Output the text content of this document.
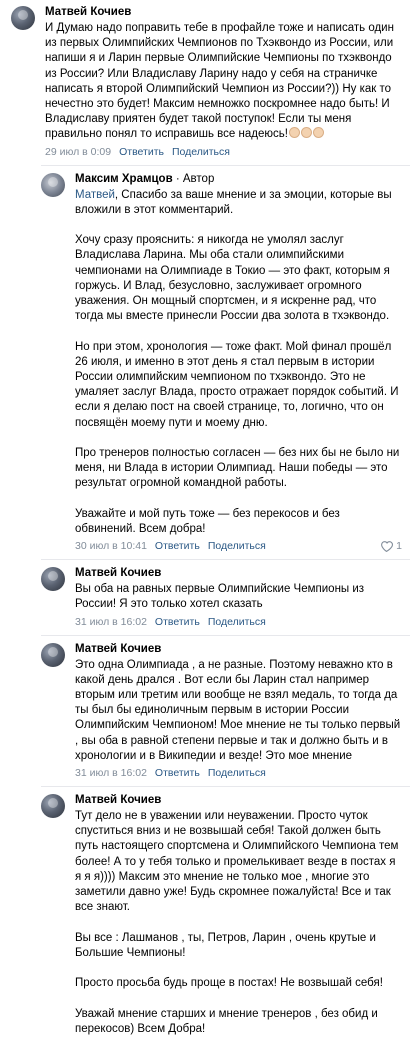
Матвей Кочиев

И Думаю надо поправить тебе в профайле тоже и написать один из первых Олимпийских Чемпионов по Тхэквондо из России, или напиши я и Ларин первые Олимпийские Чемпионы по тхэквондо из России? Или Владиславу Ларину надо у себя на страничке написать я второй Олимпийский Чемпион из России?)) Ну как то нечестно это будет! Максим немножко поскромнее надо быть! И Владиславу приятен будет такой поступок! Если ты меня правильно понял то исправишь все надеюсь!

29 июл в 0:09 Ответить Поделиться
Максим Храмцов · Автор

Матвей, Спасибо за ваше мнение и за эмоции, которые вы вложили в этот комментарий.

Хочу сразу прояснить: я никогда не умолял заслуг Владислава Ларина. Мы оба стали олимпийскими чемпионами на Олимпиаде в Токио — это факт, которым я горжусь. И Влад, безусловно, заслуживает огромного уважения. Он мощный спортсмен, и я искренне рад, что тогда мы вместе принесли России два золота в тхэквондо.

Но при этом, хронология — тоже факт. Мой финал прошёл 26 июля, и именно в этот день я стал первым в истории России олимпийским чемпионом по тхэквондо. Это не умаляет заслуг Влада, просто отражает порядок событий. И если я делаю пост на своей странице, то, логично, что он посвящён моему пути и моему дню.

Про тренеров полностью согласен — без них бы не было ни меня, ни Влада в истории Олимпиад. Наши победы — это результат огромной командной работы.

Уважайте и мой путь тоже — без перекосов и без обвинений. Всем добра!

30 июл в 10:41 Ответить Поделиться	1
Матвей Кочиев

Вы оба на равных первые Олимпийские Чемпионы из России! Я это только хотел сказать

31 июл в 16:02 Ответить Поделиться
Матвей Кочиев

Это одна Олимпиада , а не разные. Поэтому неважно кто в какой день дрался . Вот если бы Ларин стал например вторым или третим или вообще не взял медаль, то тогда да ты был бы единоличным первым в истории России Олимпийским Чемпионом! Мое мнение не ты только первый , вы оба в равной степени первые и так и должно быть и в хронологии и в Википедии и везде! Это мое мнение

31 июл в 16:02 Ответить Поделиться
Матвей Кочиев

Тут дело не в уважении или неуважении. Просто чуток спуститься вниз и не возвышай себя! Такой должен быть путь настоящего спортсмена и Олимпийского Чемпиона тем более! А то у тебя только и промелькивает везде в постах я я я я)))) Максим это мнение не только мое , многие это заметили давно уже! Будь скромнее пожалуйста! Все и так все знают.

Вы все : Лашманов , ты, Петров, Ларин , очень крутые и Большие Чемпионы!

Просто просьба будь проще в постах! Не возвышай себя!

Уважай мнение старших и мнение тренеров , без обид и перекосов) Всем Добра!
